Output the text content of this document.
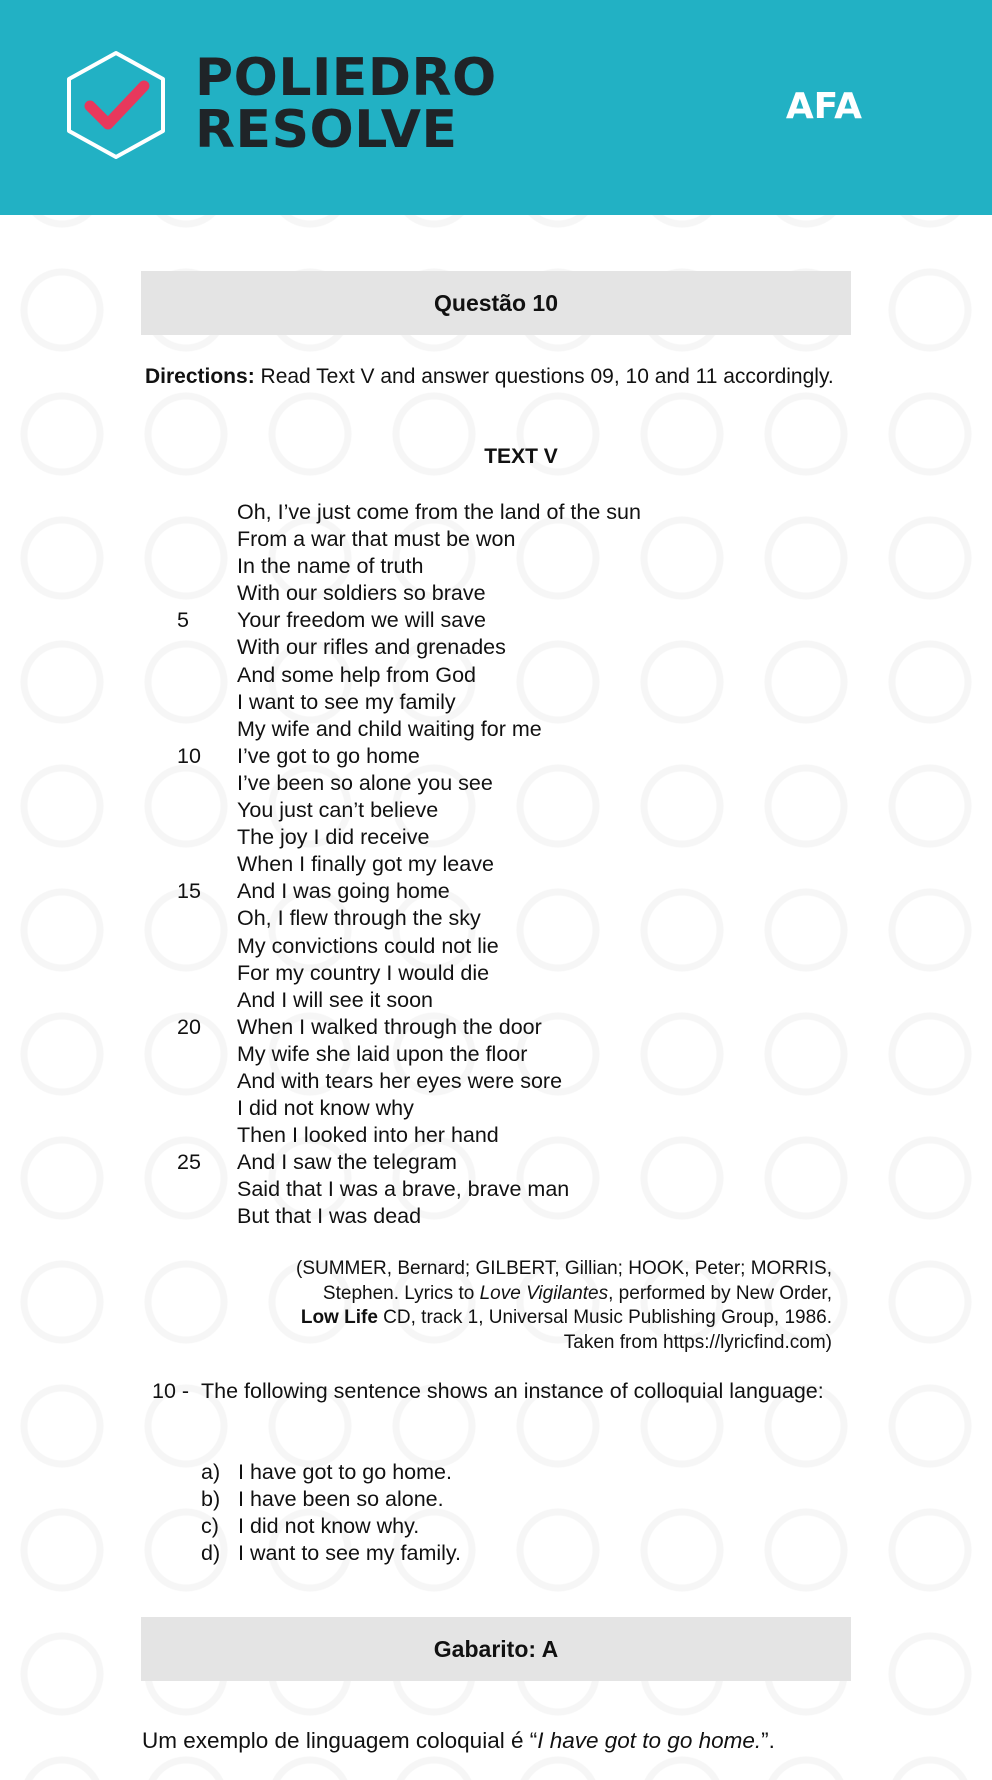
POLIEDRO
RESOLVE	AFA
Questão 10
Directions: Read Text V and answer questions 09, 10 and 11 accordingly.
TEXT V
Oh, I’ve just come from the land of the sun
From a war that must be won
In the name of truth
With our soldiers so brave
5	Your freedom we will save
With our rifles and grenades
And some help from God
I want to see my family
My wife and child waiting for me
10	I’ve got to go home
I’ve been so alone you see
You just can’t believe
The joy I did receive
When I finally got my leave
15	And I was going home
Oh, I flew through the sky
My convictions could not lie
For my country I would die
And I will see it soon
20	When I walked through the door
My wife she laid upon the floor
And with tears her eyes were sore
I did not know why
Then I looked into her hand
25	And I saw the telegram
Said that I was a brave, brave man
But that I was dead
(SUMMER, Bernard; GILBERT, Gillian; HOOK, Peter; MORRIS,
Stephen. Lyrics to Love Vigilantes, performed by New Order,
Low Life CD, track 1, Universal Music Publishing Group, 1986.
Taken from https://lyricfind.com)
10 - The following sentence shows an instance of colloquial language:
a) I have got to go home.
b) I have been so alone.
c) I did not know why.
d) I want to see my family.
Gabarito: A
Um exemplo de linguagem coloquial é “I have got to go home.”.
